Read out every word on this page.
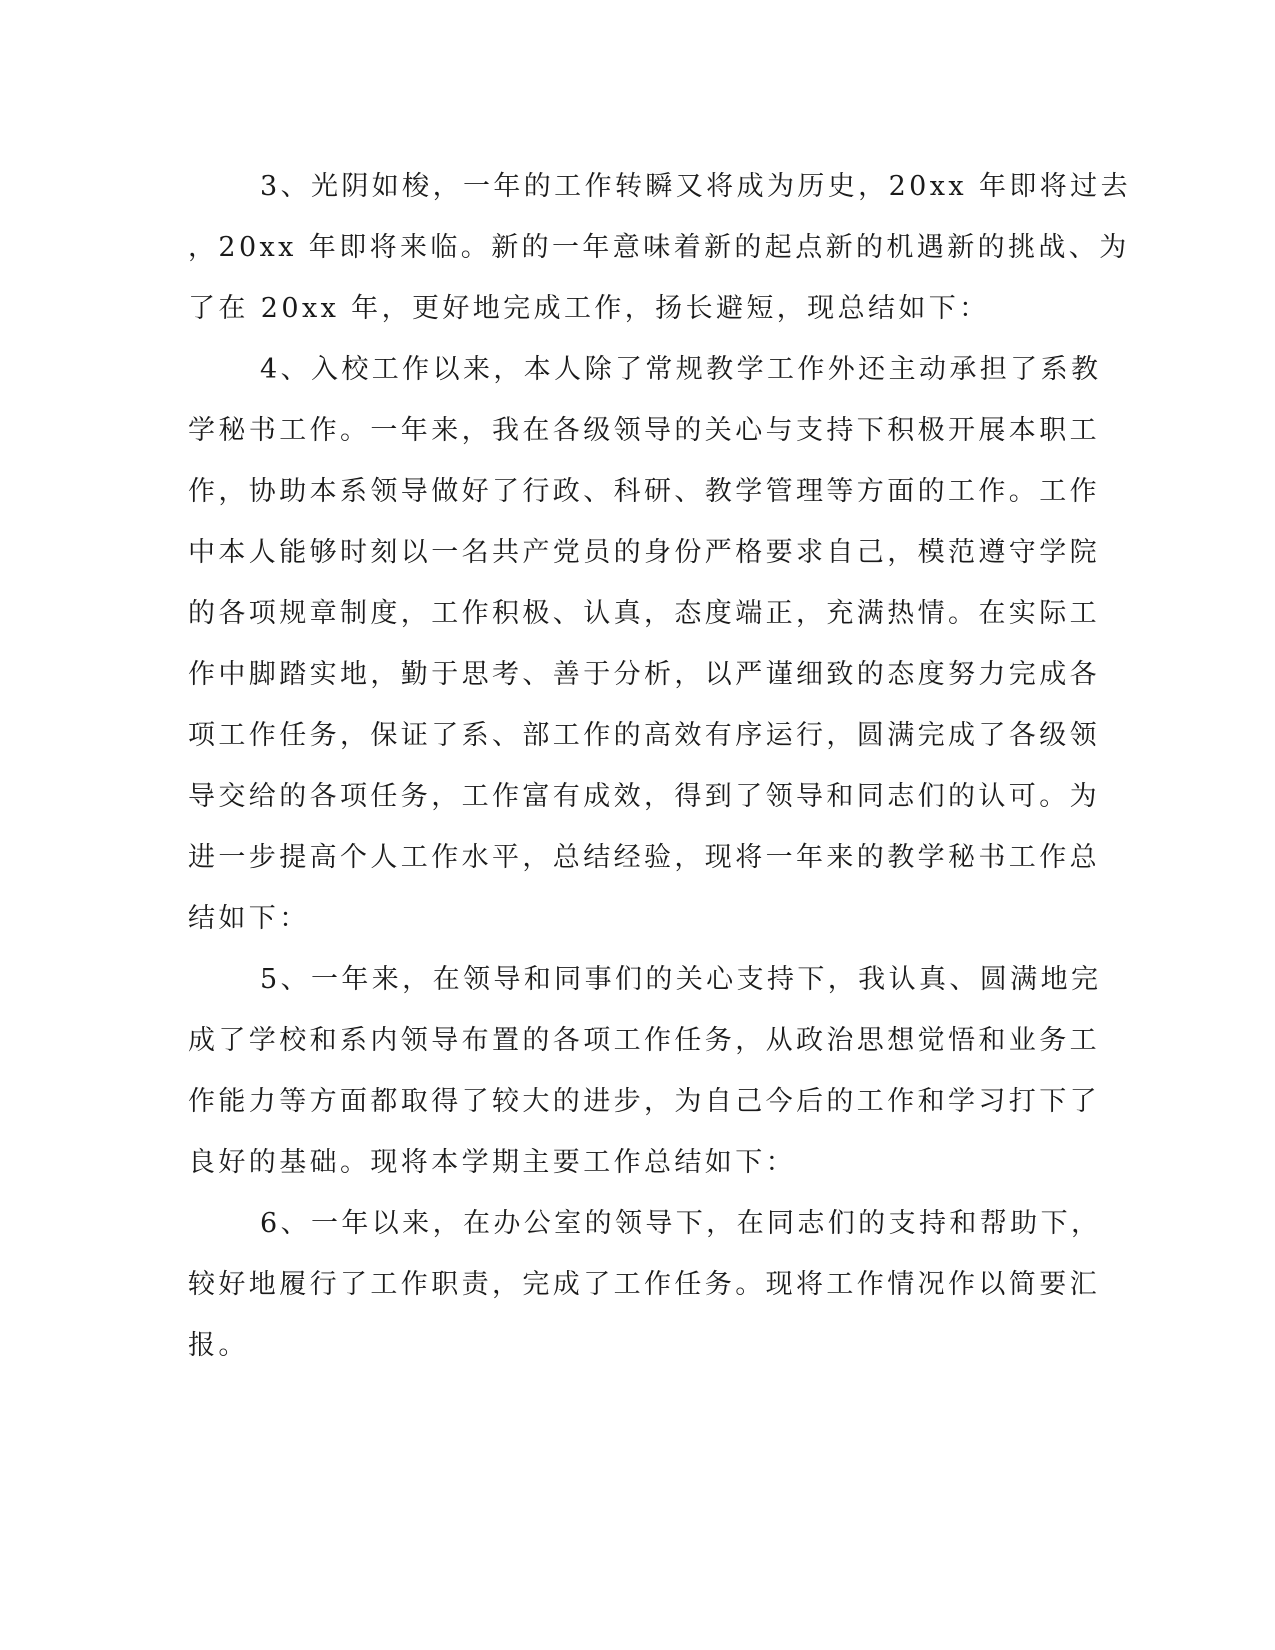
3、光阴如梭，一年的工作转瞬又将成为历史，20xx 年即将过去
，20xx 年即将来临。新的一年意味着新的起点新的机遇新的挑战、为
了在 20xx 年，更好地完成工作，扬长避短，现总结如下：
4、入校工作以来，本人除了常规教学工作外还主动承担了系教
学秘书工作。一年来，我在各级领导的关心与支持下积极开展本职工
作，协助本系领导做好了行政、科研、教学管理等方面的工作。工作
中本人能够时刻以一名共产党员的身份严格要求自己，模范遵守学院
的各项规章制度，工作积极、认真，态度端正，充满热情。在实际工
作中脚踏实地，勤于思考、善于分析，以严谨细致的态度努力完成各
项工作任务，保证了系、部工作的高效有序运行，圆满完成了各级领
导交给的各项任务，工作富有成效，得到了领导和同志们的认可。为
进一步提高个人工作水平，总结经验，现将一年来的教学秘书工作总
结如下：
5、一年来，在领导和同事们的关心支持下，我认真、圆满地完
成了学校和系内领导布置的各项工作任务，从政治思想觉悟和业务工
作能力等方面都取得了较大的进步，为自己今后的工作和学习打下了
良好的基础。现将本学期主要工作总结如下：
6、一年以来，在办公室的领导下，在同志们的支持和帮助下，
较好地履行了工作职责，完成了工作任务。现将工作情况作以简要汇
报。
